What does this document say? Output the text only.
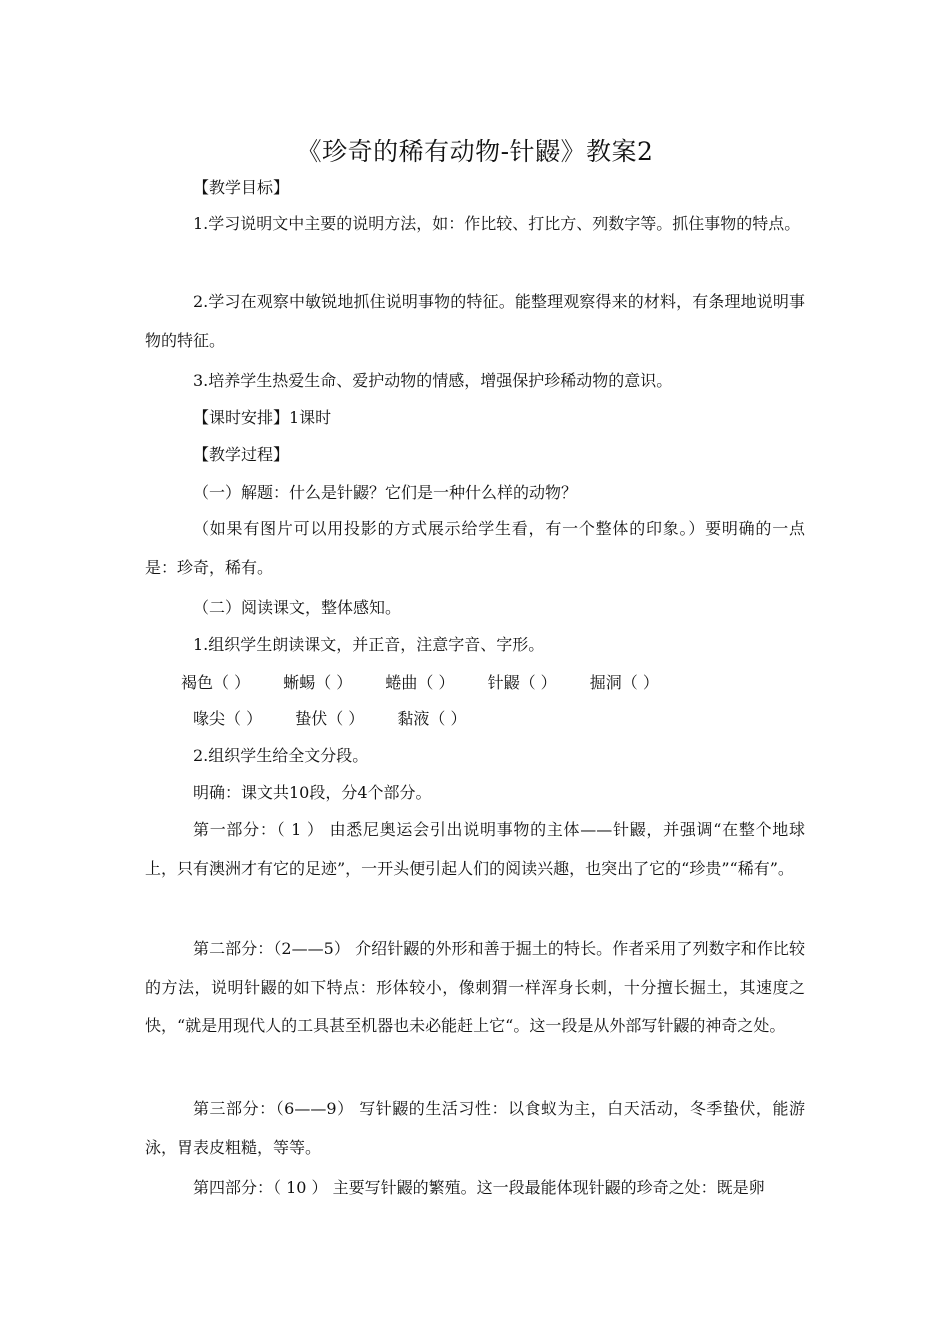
《珍奇的稀有动物-针鼹》教案2
【教学目标】
1.学习说明文中主要的说明方法，如：作比较、打比方、列数字等。抓住事物的特点。
2.学习在观察中敏锐地抓住说明事物的特征。能整理观察得来的材料，有条理地说明事物的特征。
3.培养学生热爱生命、爱护动物的情感，增强保护珍稀动物的意识。
【课时安排】1课时
【教学过程】
（一）解题：什么是针鼹？它们是一种什么样的动物？
（如果有图片可以用投影的方式展示给学生看，有一个整体的印象。）要明确的一点是：珍奇，稀有。
（二）阅读课文，整体感知。
1.组织学生朗读课文，并正音，注意字音、字形。
褐色（ ） 蜥蜴（ ） 蜷曲（ ） 针鼹（ ） 掘洞（ ）
喙尖（ ） 蛰伏（ ） 黏液（ ）
2.组织学生给全文分段。
明确：课文共10段，分4个部分。
第一部分：（ 1 ） 由悉尼奥运会引出说明事物的主体——针鼹，并强调“在整个地球上，只有澳洲才有它的足迹”，一开头便引起人们的阅读兴趣，也突出了它的“珍贵”“稀有”。
第二部分：（2——5） 介绍针鼹的外形和善于掘土的特长。作者采用了列数字和作比较的方法，说明针鼹的如下特点：形体较小，像刺猬一样浑身长刺，十分擅长掘土，其速度之快，“就是用现代人的工具甚至机器也未必能赶上它“。这一段是从外部写针鼹的神奇之处。
第三部分：（6——9） 写针鼹的生活习性：以食蚁为主，白天活动，冬季蛰伏，能游泳，胃表皮粗糙，等等。
第四部分：（ 10 ） 主要写针鼹的繁殖。这一段最能体现针鼹的珍奇之处：既是卵
